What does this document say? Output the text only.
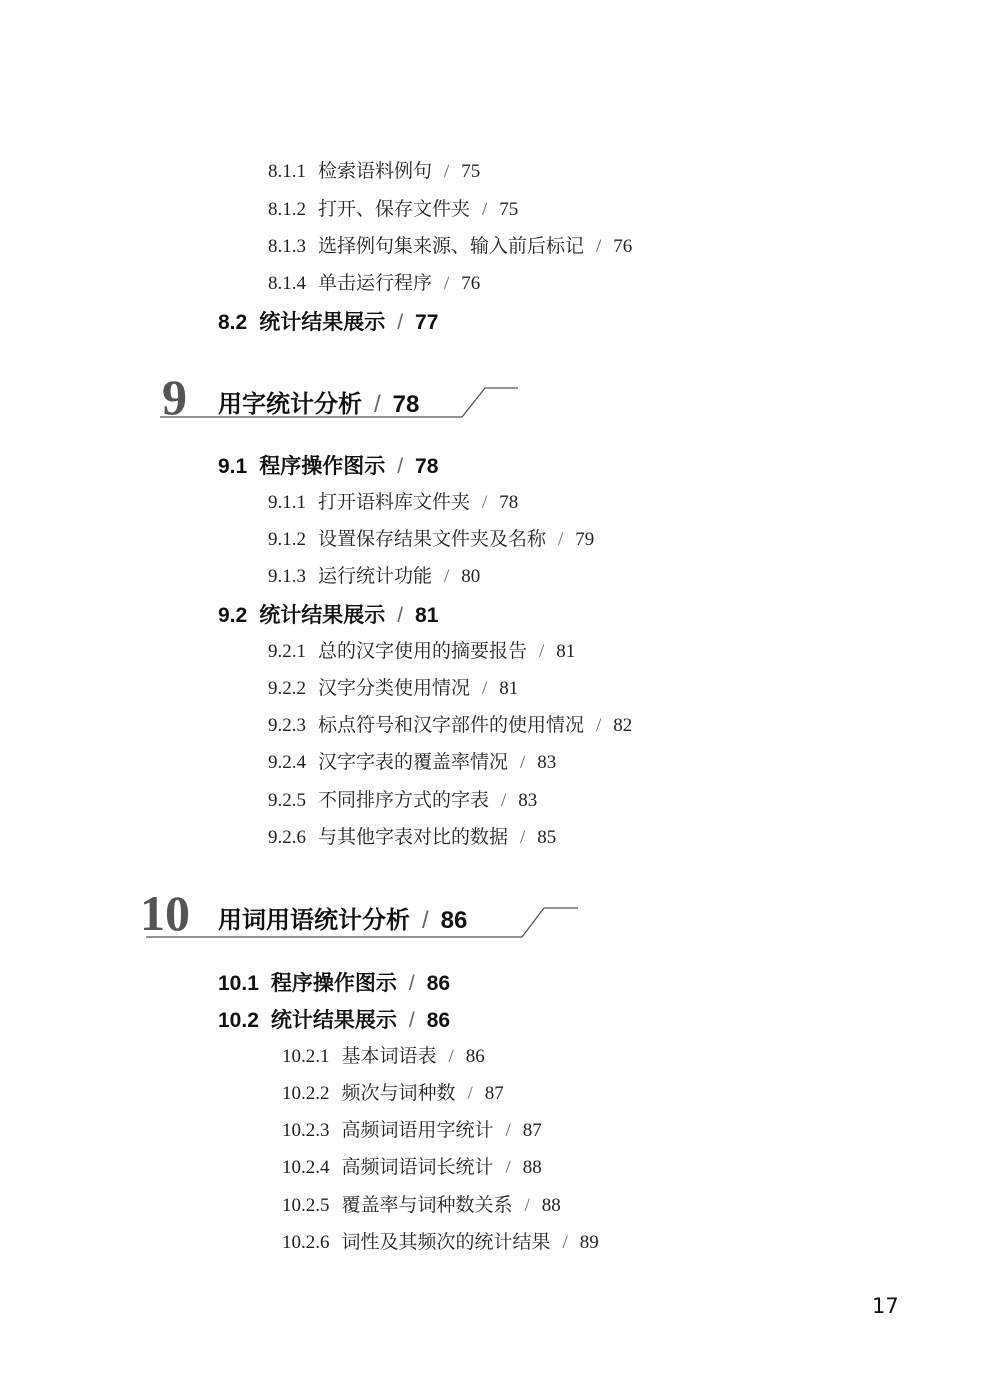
8.1.1 检索语料例句 / 75
8.1.2 打开、保存文件夹 / 75
8.1.3 选择例句集来源、输入前后标记 / 76
8.1.4 单击运行程序 / 76
8.2 统计结果展示 / 77
9 用字统计分析 / 78
9.1 程序操作图示 / 78
9.1.1 打开语料库文件夹 / 78
9.1.2 设置保存结果文件夹及名称 / 79
9.1.3 运行统计功能 / 80
9.2 统计结果展示 / 81
9.2.1 总的汉字使用的摘要报告 / 81
9.2.2 汉字分类使用情况 / 81
9.2.3 标点符号和汉字部件的使用情况 / 82
9.2.4 汉字字表的覆盖率情况 / 83
9.2.5 不同排序方式的字表 / 83
9.2.6 与其他字表对比的数据 / 85
10 用词用语统计分析 / 86
10.1 程序操作图示 / 86
10.2 统计结果展示 / 86
10.2.1 基本词语表 / 86
10.2.2 频次与词种数 / 87
10.2.3 高频词语用字统计 / 87
10.2.4 高频词语词长统计 / 88
10.2.5 覆盖率与词种数关系 / 88
10.2.6 词性及其频次的统计结果 / 89
17
